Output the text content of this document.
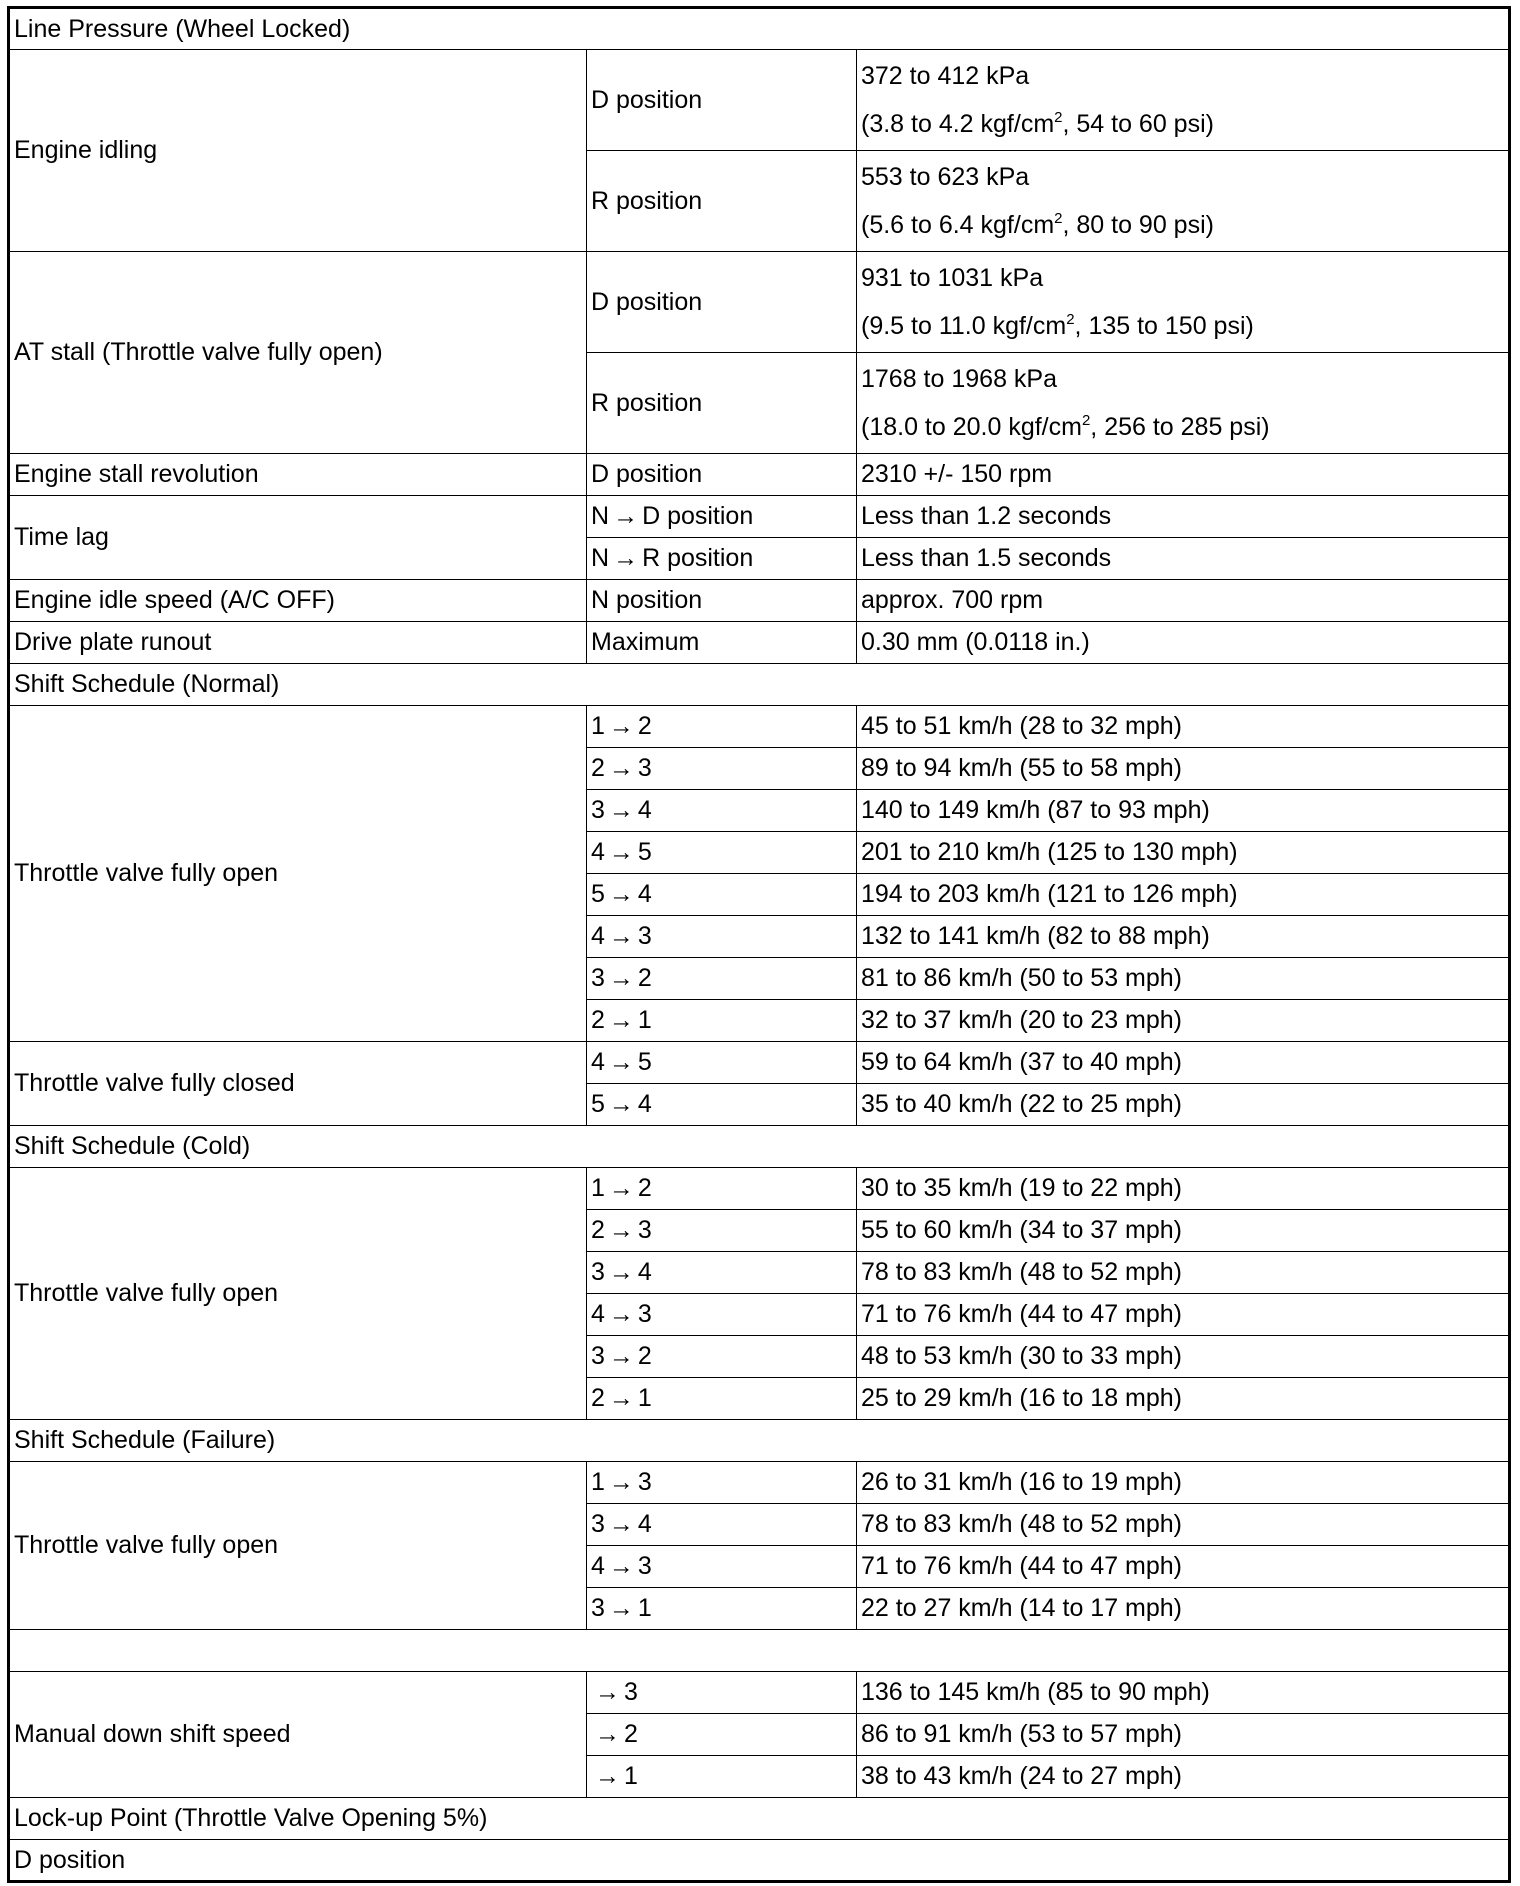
Line Pressure (Wheel Locked)		
Engine idling	D position	372 to 412 kPa
(3.8 to 4.2 kgf/$cm^2$, 54 to 60 psi)

	R position	553 to 623 kPa
(5.6 to 6.4 kgf/$cm^2$, 80 to 90 psi)

AT stall (Throttle valve fully open)	D position	931 to 1031 kPa
(9.5 to 11.0 kgf/$cm^2$, 135 to 150 psi)

	R position	1768 to 1968 kPa
(18.0 to 20.0 kgf/$cm^2$, 256 to 285 psi)

Engine stall revolution	D position	2310 +/- 150 rpm
Time lag	N → D position	Less than 1.2 seconds
	N → R position	Less than 1.5 seconds
Engine idle speed (A/C OFF)	N position	approx. 700 rpm
Drive plate runout	Maximum	0.30 mm (0.0118 in.)
Shift Schedule (Normal)		
Throttle valve fully open	1 → 2	45 to 51 km/h (28 to 32 mph)
	2 → 3	89 to 94 km/h (55 to 58 mph)
	3 → 4	140 to 149 km/h (87 to 93 mph)
	4 → 5	201 to 210 km/h (125 to 130 mph)
	5 → 4	194 to 203 km/h (121 to 126 mph)
	4 → 3	132 to 141 km/h (82 to 88 mph)
	3 → 2	81 to 86 km/h (50 to 53 mph)
	2 → 1	32 to 37 km/h (20 to 23 mph)
Throttle valve fully closed	4 → 5	59 to 64 km/h (37 to 40 mph)
	5 → 4	35 to 40 km/h (22 to 25 mph)
Shift Schedule (Cold)		
Throttle valve fully open	1 → 2	30 to 35 km/h (19 to 22 mph)
	2 → 3	55 to 60 km/h (34 to 37 mph)
	3 → 4	78 to 83 km/h (48 to 52 mph)
	4 → 3	71 to 76 km/h (44 to 47 mph)
	3 → 2	48 to 53 km/h (30 to 33 mph)
	2 → 1	25 to 29 km/h (16 to 18 mph)
Shift Schedule (Failure)		
Throttle valve fully open	1 → 3	26 to 31 km/h (16 to 19 mph)
	3 → 4	78 to 83 km/h (48 to 52 mph)
	4 → 3	71 to 76 km/h (44 to 47 mph)
	3 → 1	22 to 27 km/h (14 to 17 mph)

Manual down shift speed	→ 3	136 to 145 km/h (85 to 90 mph)
	→ 2	86 to 91 km/h (53 to 57 mph)
	→ 1	38 to 43 km/h (24 to 27 mph)
Lock-up Point (Throttle Valve Opening 5%)		
D position		
